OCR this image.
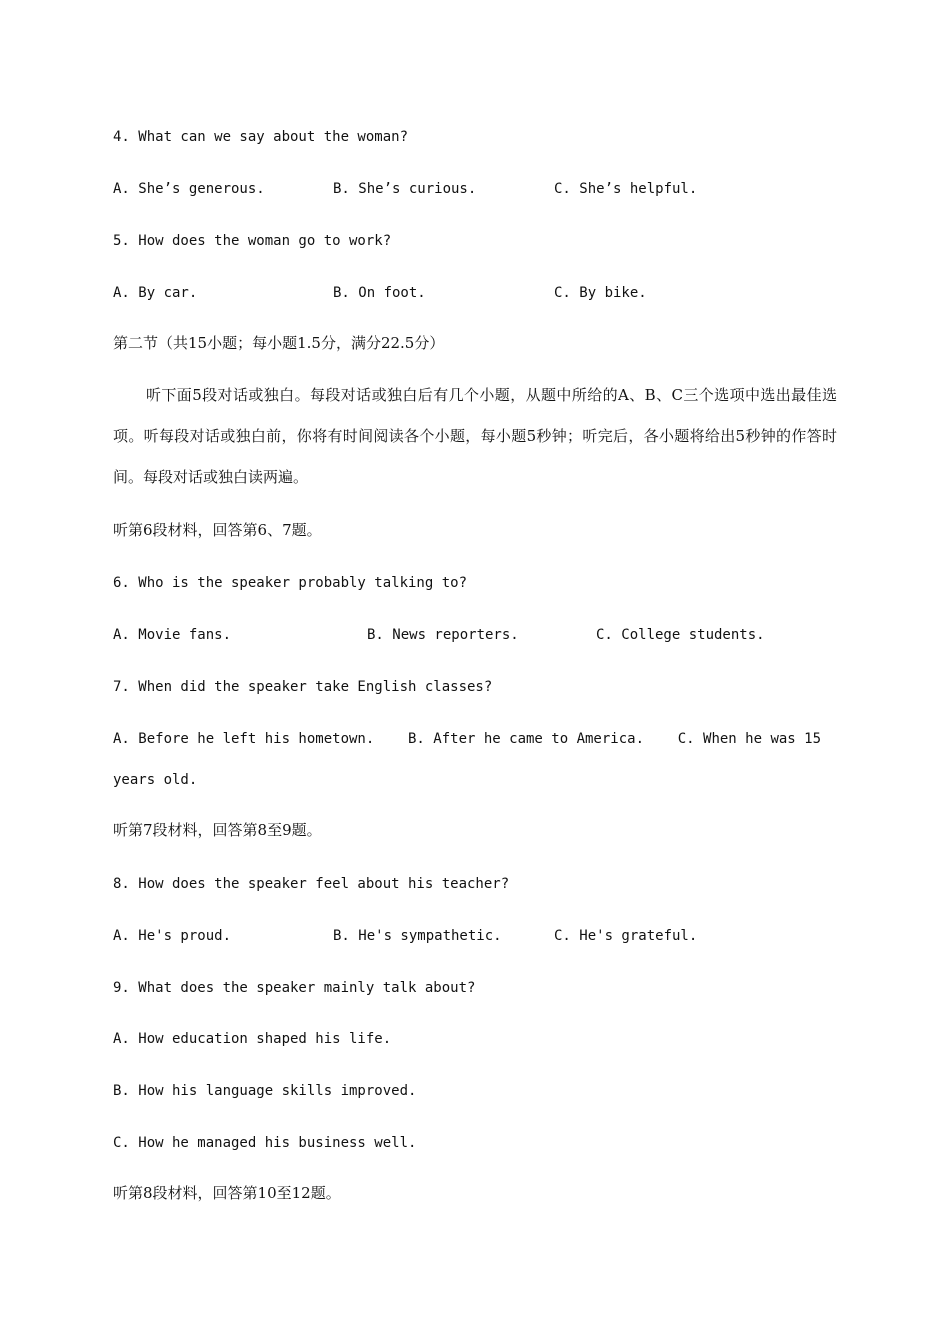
4. What can we say about the woman?
A. She’s generous.	B. She’s curious.	C. She’s helpful.
5. How does the woman go to work?
A. By car.	B. On foot.	C. By bike.
第二节（共15小题；每小题1.5分，满分22.5分）
听下面5段对话或独白。每段对话或独白后有几个小题，从题中所给的A、B、C三个选项中选出最佳选项。听每段对话或独白前，你将有时间阅读各个小题，每小题5秒钟；听完后，各小题将给出5秒钟的作答时间。每段对话或独白读两遍。
听第6段材料，回答第6、7题。
6. Who is the speaker probably talking to?
A. Movie fans.	B. News reporters.	C. College students.
7. When did the speaker take English classes?
A. Before he left his hometown.    B. After he came to America.    C. When he was 15
years old.
听第7段材料，回答第8至9题。
8. How does the speaker feel about his teacher?
A. He's proud.	B. He's sympathetic.	C. He's grateful.
9. What does the speaker mainly talk about?
A. How education shaped his life.
B. How his language skills improved.
C. How he managed his business well.
听第8段材料，回答第10至12题。
